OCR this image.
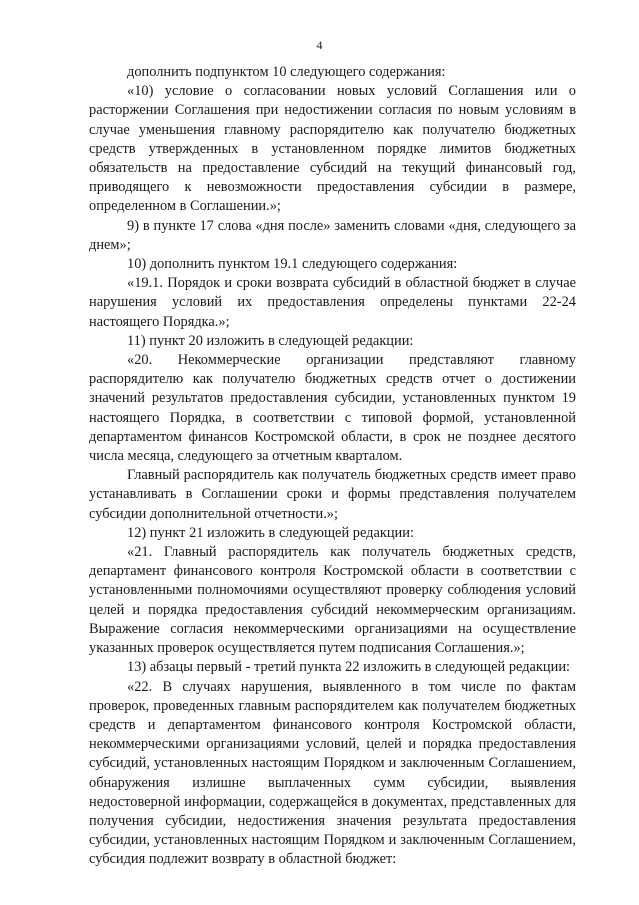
4

дополнить подпунктом 10 следующего содержания:

«10) условие о согласовании новых условий Соглашения или о расторжении Соглашения при недостижении согласия по новым условиям в случае уменьшения главному распорядителю как получателю бюджетных средств утвержденных в установленном порядке лимитов бюджетных обязательств на предоставление субсидий на текущий финансовый год, приводящего к невозможности предоставления субсидии в размере, определенном в Соглашении.»;

9) в пункте 17 слова «дня после» заменить словами «дня, следующего за днем»;

10) дополнить пунктом 19.1 следующего содержания:

«19.1. Порядок и сроки возврата субсидий в областной бюджет в случае нарушения условий их предоставления определены пунктами 22-24 настоящего Порядка.»;

11) пункт 20 изложить в следующей редакции:

«20. Некоммерческие организации представляют главному распорядителю как получателю бюджетных средств отчет о достижении значений результатов предоставления субсидии, установленных пунктом 19 настоящего Порядка, в соответствии с типовой формой, установленной департаментом финансов Костромской области, в срок не позднее десятого числа месяца, следующего за отчетным кварталом.

Главный распорядитель как получатель бюджетных средств имеет право устанавливать в Соглашении сроки и формы представления получателем субсидии дополнительной отчетности.»;

12) пункт 21 изложить в следующей редакции:

«21. Главный распорядитель как получатель бюджетных средств, департамент финансового контроля Костромской области в соответствии с установленными полномочиями осуществляют проверку соблюдения условий целей и порядка предоставления субсидий некоммерческим организациям. Выражение согласия некоммерческими организациями на осуществление указанных проверок осуществляется путем подписания Соглашения.»;

13) абзацы первый - третий пункта 22 изложить в следующей редакции:

«22. В случаях нарушения, выявленного в том числе по фактам проверок, проведенных главным распорядителем как получателем бюджетных средств и департаментом финансового контроля Костромской области, некоммерческими организациями условий, целей и порядка предоставления субсидий, установленных настоящим Порядком и заключенным Соглашением, обнаружения излишне выплаченных сумм субсидии, выявления недостоверной информации, содержащейся в документах, представленных для получения субсидии, недостижения значения результата предоставления субсидии, установленных настоящим Порядком и заключенным Соглашением, субсидия подлежит возврату в областной бюджет:
